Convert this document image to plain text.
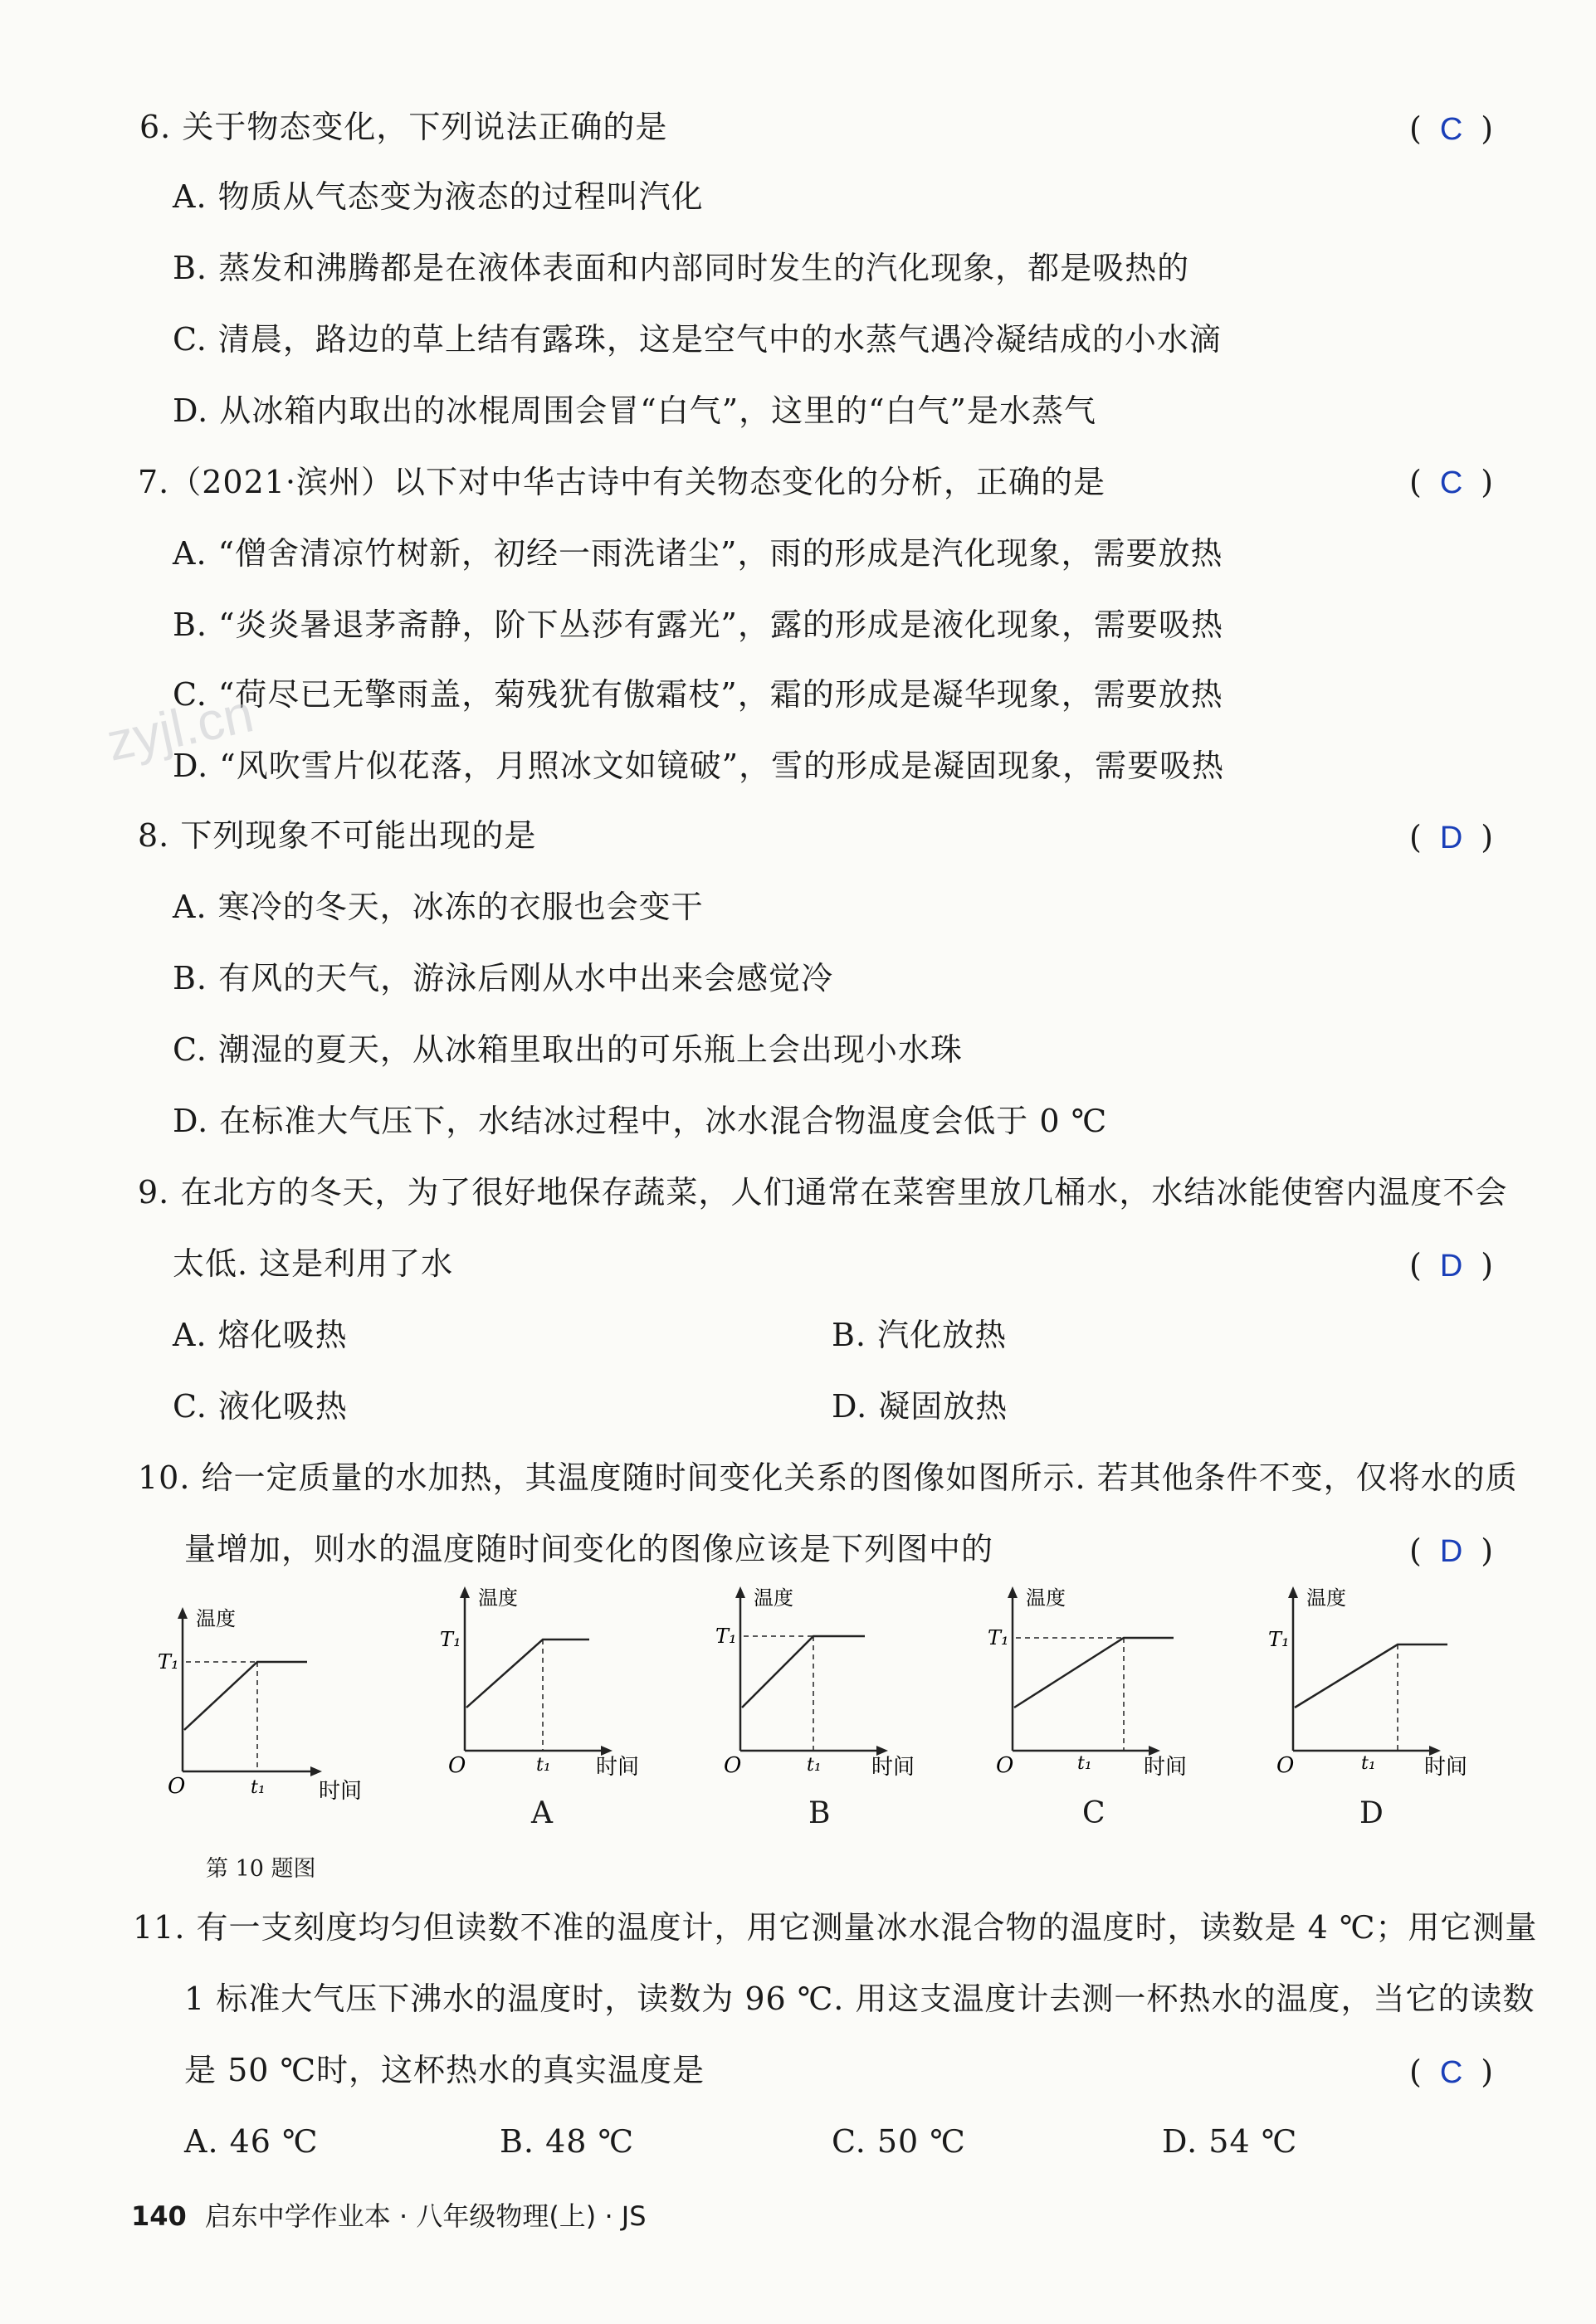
6. 关于物态变化，下列说法正确的是	( C )
A. 物质从气态变为液态的过程叫汽化
B. 蒸发和沸腾都是在液体表面和内部同时发生的汽化现象，都是吸热的
C. 清晨，路边的草上结有露珠，这是空气中的水蒸气遇冷凝结成的小水滴
D. 从冰箱内取出的冰棍周围会冒“白气”，这里的“白气”是水蒸气
7.（2021·滨州）以下对中华古诗中有关物态变化的分析，正确的是	( C )
A. “僧舍清凉竹树新，初经一雨洗诸尘”，雨的形成是汽化现象，需要放热
B. “炎炎暑退茅斋静，阶下丛莎有露光”，露的形成是液化现象，需要吸热
C. “荷尽已无擎雨盖，菊残犹有傲霜枝”，霜的形成是凝华现象，需要放热
D. “风吹雪片似花落，月照冰文如镜破”，雪的形成是凝固现象，需要吸热
zyjl.cn
8. 下列现象不可能出现的是	( D )
A. 寒冷的冬天，冰冻的衣服也会变干
B. 有风的天气，游泳后刚从水中出来会感觉冷
C. 潮湿的夏天，从冰箱里取出的可乐瓶上会出现小水珠
D. 在标准大气压下，水结冰过程中，冰水混合物温度会低于 0 ℃
9. 在北方的冬天，为了很好地保存蔬菜，人们通常在菜窖里放几桶水，水结冰能使窖内温度不会
太低. 这是利用了水	( D )
A. 熔化吸热	B. 汽化放热
C. 液化吸热	D. 凝固放热
10. 给一定质量的水加热，其温度随时间变化关系的图像如图所示. 若其他条件不变，仅将水的质
量增加，则水的温度随时间变化的图像应该是下列图中的	( D )
温度
T₁
O	t₁ 时间
温度
T₁
O	t₁ 时间
A
温度
T₁
O	t₁ 时间
B
温度
T₁
O	t₁ 时间
C
温度
T₁
O	t₁ 时间
D
第 10 题图
11. 有一支刻度均匀但读数不准的温度计，用它测量冰水混合物的温度时，读数是 4 ℃；用它测量
1 标准大气压下沸水的温度时，读数为 96 ℃. 用这支温度计去测一杯热水的温度，当它的读数
是 50 ℃时，这杯热水的真实温度是	( C )
A. 46 ℃	B. 48 ℃	C. 50 ℃	D. 54 ℃
140 启东中学作业本 · 八年级物理(上) · JS
